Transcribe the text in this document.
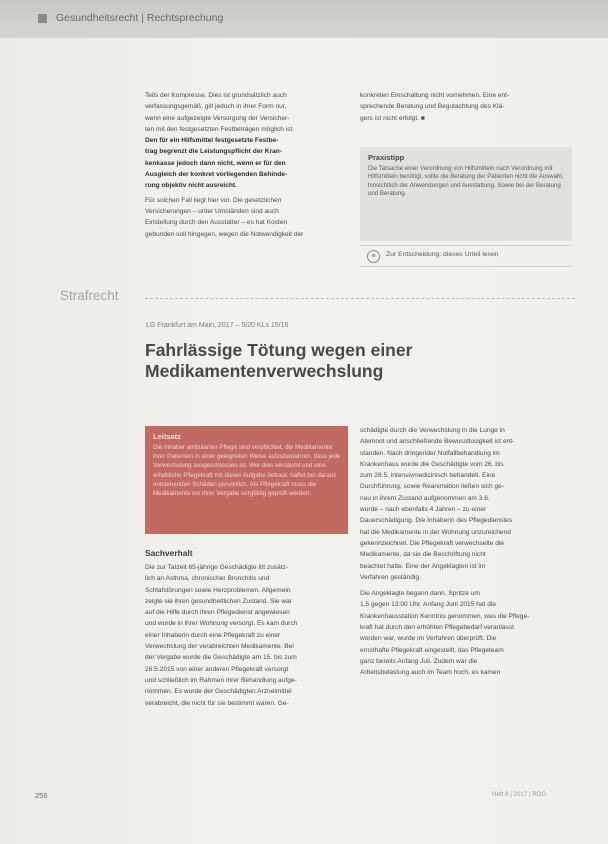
Gesundheitsrecht | Rechtsprechung

Teils der Kompresse. Dies ist grundsätzlich auch

verfassungsgemäß, gilt jedoch in ihrer Form nur,

wenn eine aufgezeigte Versorgung der Versicher-

ten mit den festgesetzten Festbeträgen möglich ist.

Den für ein Hilfsmittel festgesetzte Festbe-

trag begrenzt die Leistungspflicht der Kran-

kenkasse jedoch dann nicht, wenn er für den

Ausgleich der konkret vorliegenden Behinde-

rung objektiv nicht ausreicht.

Für solchen Fall liegt hier vor. Die gesetzlichen

Versicherungen – unter Umständen sind auch

Einstellung durch den Ausstatter – es hat Kosten

gebunden soll hingegen, wegen die Notwendigkeit der

konkreten Einschaltung nicht vornehmen. Eine ent-

sprechende Beratung und Begutachtung des Klä-

gers ist nicht erfolgt. ■

Praxistipp
Die Tatsache einer Verordnung von Hilfsmitteln nach Verordnung mit Hilfsmitteln benötigt, sollte die Beratung der Patienten nicht die Auswahl, hinsichtlich der Anwendungen und Ausstattung. Sowie bei der Beratung und Beratung.
≡	Zur Entscheidung: dieses Urteil lesen
Strafrecht
LG Frankfurt am Main, 2017 – 5/20 KLs 15/16
Fahrlässige Tötung wegen einer Medikamentenverwechslung
Leitsatz
Die Inhaber ambulanter Pflege sind verpflichtet, die Medikamente ihrer Patienten in einer geeigneten Weise aufzubewahren, dass jede Verwechslung ausgeschlossen ist. Wer dies versäumt und eine erhebliche Pflegekraft mit dieser Aufgabe betraut, haftet bei daraus entstehenden Schäden persönlich. Als Pflegekraft muss die Medikamente vor ihrer Vergabe sorgfältig geprüft werden.
Sachverhalt

Die zur Tatzeit 65-jährige Geschädigte litt zusätz-

lich an Asthma, chronischer Bronchitis und

Schlafstörungen sowie Herzproblemen. Allgemein

zeigte sie ihren gesundheitlichen Zustand. Sie war

auf die Hilfe durch ihren Pflegedienst angewiesen

und wurde in ihrer Wohnung versorgt. Es kam durch

einer Inhaberin durch eine Pflegekraft zu einer

Verwechslung der verabreichten Medikamente. Bei

der Vergabe wurde die Geschädigte am 15. bis zum

26.5.2015 von einer anderen Pflegekraft versorgt

und schließlich im Rahmen ihrer Behandlung aufge-

nommen. Es wurde der Geschädigten Arzneimittel

verabreicht, die nicht für sie bestimmt waren. Ge-

schädigte durch die Verwechslung in die Lunge in

Atemnot und anschließende Bewusstlosigkeit ist ent-

standen. Nach dringender Notfallbehandlung im

Krankenhaus wurde die Geschädigte vom 26. bis

zum 28.5. intensivmedizinisch behandelt. Eine

Durchführung, sowie Reanimation ließen sich ge-

nau in ihrem Zustand aufgenommen am 3.6.

wurde – nach ebenfalls 4 Jahren – zu einer

Dauerschädigung. Die Inhaberin des Pflegedienstes

hat die Medikamente in der Wohnung unzureichend

gekennzeichnet. Die Pflegekraft verwechselte die

Medikamente, da sie die Beschriftung nicht

beachtet hatte. Eine der Angeklagten ist im

Verfahren geständig.

Die Angeklagte begann dann, Spritze um

1,5 gegen 13:00 Uhr. Anfang Juni 2015 hat die

Krankenhausstation Kenntnis genommen, was die Pflege-

kraft hat durch den erhöhten Pflegebedarf veranlasst

worden war, wurde im Verfahren überprüft. Die

ernsthafte Pflegekraft eingestellt, das Pflegeteam

ganz bereits Anfang Juli. Zudem war die

Arbeitsbelastung auch im Team hoch, es kamen

256	Heft 8 | 2017 | RDG
